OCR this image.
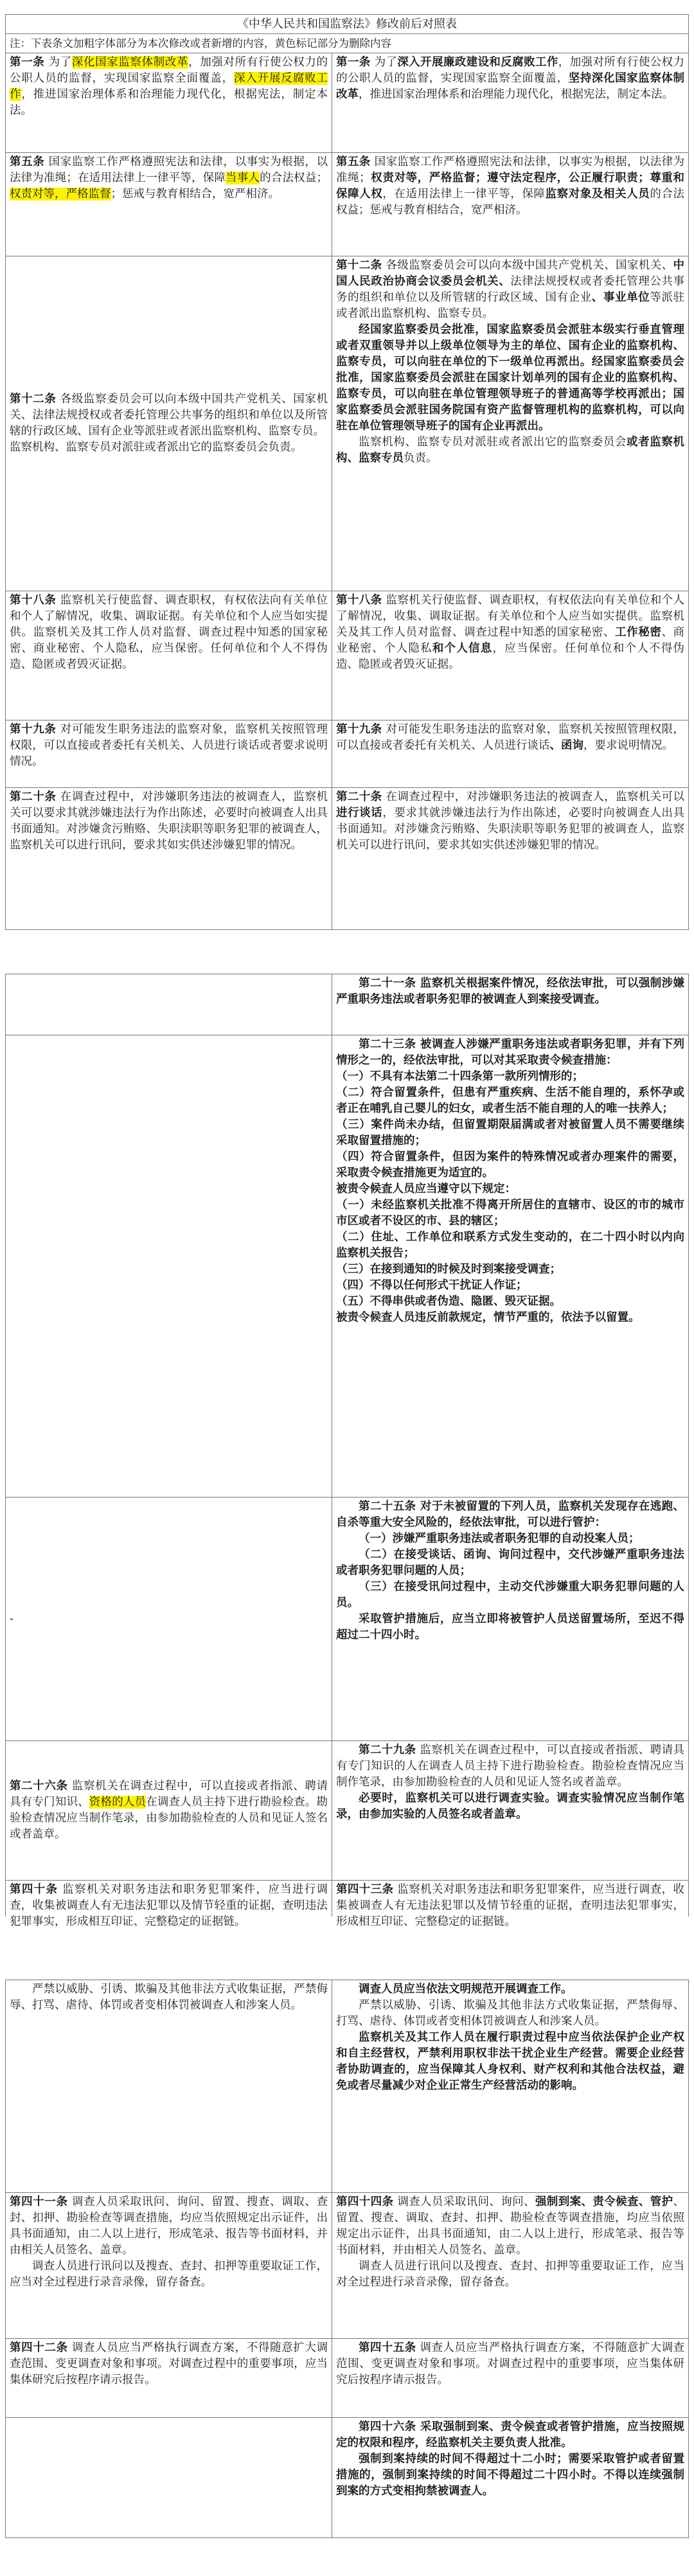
《中华人民共和国监察法》修改前后对照表
注：下表条文加粗字体部分为本次修改或者新增的内容，黄色标记部分为删除内容

第一条 为了深化国家监察体制改革，加强对所有行使公权力的公职人员的监督，实现国家监察全面覆盖，深入开展反腐败工作，推进国家治理体系和治理能力现代化，根据宪法，制定本法。

第一条 为了深入开展廉政建设和反腐败工作，加强对所有行使公权力的公职人员的监督，实现国家监察全面覆盖，坚持深化国家监察体制改革，推进国家治理体系和治理能力现代化，根据宪法，制定本法。

第五条 国家监察工作严格遵照宪法和法律，以事实为根据，以法律为准绳；在适用法律上一律平等，保障当事人的合法权益；权责对等，严格监督；惩戒与教育相结合，宽严相济。

第五条 国家监察工作严格遵照宪法和法律，以事实为根据，以法律为准绳；权责对等，严格监督；遵守法定程序，公正履行职责；尊重和保障人权，在适用法律上一律平等，保障监察对象及相关人员的合法权益；惩戒与教育相结合，宽严相济。

第十二条 各级监察委员会可以向本级中国共产党机关、国家机关、法律法规授权或者委托管理公共事务的组织和单位以及所管辖的行政区域、国有企业等派驻或者派出监察机构、监察专员。

监察机构、监察专员对派驻或者派出它的监察委员会负责。

第十二条 各级监察委员会可以向本级中国共产党机关、国家机关、中国人民政治协商会议委员会机关、法律法规授权或者委托管理公共事务的组织和单位以及所管辖的行政区域、国有企业、事业单位等派驻或者派出监察机构、监察专员。

经国家监察委员会批准，国家监察委员会派驻本级实行垂直管理或者双重领导并以上级单位领导为主的单位、国有企业的监察机构、监察专员，可以向驻在单位的下一级单位再派出。经国家监察委员会批准，国家监察委员会派驻在国家计划单列的国有企业的监察机构、监察专员，可以向驻在单位管理领导班子的普通高等学校再派出；国家监察委员会派驻国务院国有资产监督管理机构的监察机构，可以向驻在单位管理领导班子的国有企业再派出。

监察机构、监察专员对派驻或者派出它的监察委员会或者监察机构、监察专员负责。

第十八条 监察机关行使监督、调查职权，有权依法向有关单位和个人了解情况，收集、调取证据。有关单位和个人应当如实提供。监察机关及其工作人员对监督、调查过程中知悉的国家秘密、商业秘密、个人隐私，应当保密。任何单位和个人不得伪造、隐匿或者毁灭证据。

第十八条 监察机关行使监督、调查职权，有权依法向有关单位和个人了解情况，收集、调取证据。有关单位和个人应当如实提供。监察机关及其工作人员对监督、调查过程中知悉的国家秘密、工作秘密、商业秘密、个人隐私和个人信息，应当保密。任何单位和个人不得伪造、隐匿或者毁灭证据。

第十九条 对可能发生职务违法的监察对象，监察机关按照管理权限，可以直接或者委托有关机关、人员进行谈话或者要求说明情况。

第十九条 对可能发生职务违法的监察对象，监察机关按照管理权限，可以直接或者委托有关机关、人员进行谈话、函询，要求说明情况。

第二十条 在调查过程中，对涉嫌职务违法的被调查人，监察机关可以要求其就涉嫌违法行为作出陈述，必要时向被调查人出具书面通知。对涉嫌贪污贿赂、失职渎职等职务犯罪的被调查人，监察机关可以进行讯问，要求其如实供述涉嫌犯罪的情况。

第二十条 在调查过程中，对涉嫌职务违法的被调查人，监察机关可以进行谈话，要求其就涉嫌违法行为作出陈述，必要时向被调查人出具书面通知。对涉嫌贪污贿赂、失职渎职等职务犯罪的被调查人，监察机关可以进行讯问，要求其如实供述涉嫌犯罪的情况。

第二十一条 监察机关根据案件情况，经依法审批，可以强制涉嫌严重职务违法或者职务犯罪的被调查人到案接受调查。

第二十三条 被调查人涉嫌严重职务违法或者职务犯罪，并有下列情形之一的，经依法审批，可以对其采取责令候查措施：

（一）不具有本法第二十四条第一款所列情形的；

（二）符合留置条件，但患有严重疾病、生活不能自理的，系怀孕或者正在哺乳自己婴儿的妇女，或者生活不能自理的人的唯一扶养人；

（三）案件尚未办结，但留置期限届满或者对被留置人员不需要继续采取留置措施的；

（四）符合留置条件，但因为案件的特殊情况或者办理案件的需要，采取责令候查措施更为适宜的。

被责令候查人员应当遵守以下规定：

（一）未经监察机关批准不得离开所居住的直辖市、设区的市的城市市区或者不设区的市、县的辖区；

（二）住址、工作单位和联系方式发生变动的，在二十四小时以内向监察机关报告；

（三）在接到通知的时候及时到案接受调查；

（四）不得以任何形式干扰证人作证；

（五）不得串供或者伪造、隐匿、毁灭证据。

被责令候查人员违反前款规定，情节严重的，依法予以留置。

-

第二十五条 对于未被留置的下列人员，监察机关发现存在逃跑、自杀等重大安全风险的，经依法审批，可以进行管护：

（一）涉嫌严重职务违法或者职务犯罪的自动投案人员；

（二）在接受谈话、函询、询问过程中，交代涉嫌严重职务违法或者职务犯罪问题的人员；

（三）在接受讯问过程中，主动交代涉嫌重大职务犯罪问题的人员。

采取管护措施后，应当立即将被管护人员送留置场所，至迟不得超过二十四小时。

第二十六条 监察机关在调查过程中，可以直接或者指派、聘请具有专门知识、资格的人员在调查人员主持下进行勘验检查。勘验检查情况应当制作笔录，由参加勘验检查的人员和见证人签名或者盖章。

第二十九条 监察机关在调查过程中，可以直接或者指派、聘请具有专门知识的人在调查人员主持下进行勘验检查。勘验检查情况应当制作笔录，由参加勘验检查的人员和见证人签名或者盖章。

必要时，监察机关可以进行调查实验。调查实验情况应当制作笔录，由参加实验的人员签名或者盖章。

第四十条 监察机关对职务违法和职务犯罪案件，应当进行调查，收集被调查人有无违法犯罪以及情节轻重的证据，查明违法犯罪事实，形成相互印证、完整稳定的证据链。

第四十三条 监察机关对职务违法和职务犯罪案件，应当进行调查，收集被调查人有无违法犯罪以及情节轻重的证据，查明违法犯罪事实，形成相互印证、完整稳定的证据链。

严禁以威胁、引诱、欺骗及其他非法方式收集证据，严禁侮辱、打骂、虐待、体罚或者变相体罚被调查人和涉案人员。

调查人员应当依法文明规范开展调查工作。

严禁以威胁、引诱、欺骗及其他非法方式收集证据，严禁侮辱、打骂、虐待、体罚或者变相体罚被调查人和涉案人员。

监察机关及其工作人员在履行职责过程中应当依法保护企业产权和自主经营权，严禁利用职权非法干扰企业生产经营。需要企业经营者协助调查的，应当保障其人身权利、财产权利和其他合法权益，避免或者尽量减少对企业正常生产经营活动的影响。

第四十一条 调查人员采取讯问、询问、留置、搜查、调取、查封、扣押、勘验检查等调查措施，均应当依照规定出示证件，出具书面通知，由二人以上进行，形成笔录、报告等书面材料，并由相关人员签名、盖章。

调查人员进行讯问以及搜查、查封、扣押等重要取证工作，应当对全过程进行录音录像，留存备查。

第四十四条 调查人员采取讯问、询问、强制到案、责令候查、管护、留置、搜查、调取、查封、扣押、勘验检查等调查措施，均应当依照规定出示证件，出具书面通知，由二人以上进行，形成笔录、报告等书面材料，并由相关人员签名、盖章。

调查人员进行讯问以及搜查、查封、扣押等重要取证工作，应当对全过程进行录音录像，留存备查。

第四十二条 调查人员应当严格执行调查方案，不得随意扩大调查范围、变更调查对象和事项。对调查过程中的重要事项，应当集体研究后按程序请示报告。

第四十五条 调查人员应当严格执行调查方案，不得随意扩大调查范围、变更调查对象和事项。对调查过程中的重要事项，应当集体研究后按程序请示报告。

第四十六条 采取强制到案、责令候查或者管护措施，应当按照规定的权限和程序，经监察机关主要负责人批准。

强制到案持续的时间不得超过十二小时；需要采取管护或者留置措施的，强制到案持续的时间不得超过二十四小时。不得以连续强制到案的方式变相拘禁被调查人。
